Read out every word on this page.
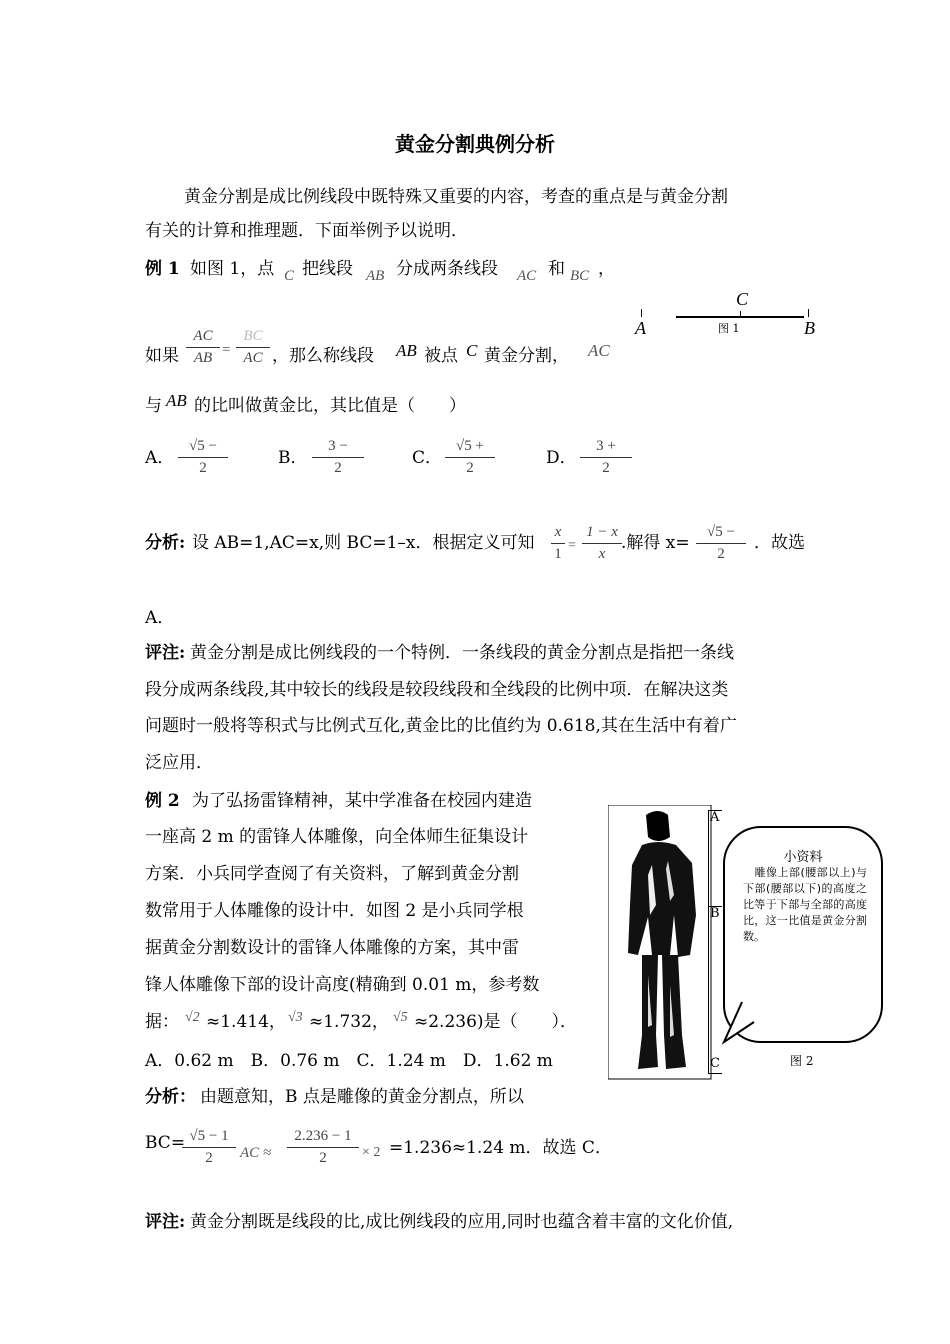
黄金分割典例分析
黄金分割是成比例线段中既特殊又重要的内容，考查的重点是与黄金分割
有关的计算和推理题．下面举例予以说明．
例 1 如图 1，点 C 把线段 AB 分成两条线段 AC 和 BC ，
如果
AC
AB =
BC
AC ，那么称线段 AB 被点 C 黄金分割， AC
与 AB 的比叫做黄金比，其比值是（　　）
A
C
B
图 1
A．
√5 −
2	B．
3 −
2	C．
√5 +
2	D．
3 +
2
分析: 设 AB=1,AC=x,则 BC=1–x．根据定义可知
x
1
=
1 − x
x
.解得 x=
√5 −
2
．故选
A．
评注: 黄金分割是成比例线段的一个特例．一条线段的黄金分割点是指把一条线
段分成两条线段,其中较长的线段是较段线段和全线段的比例中项．在解决这类
问题时一般将等积式与比例式互化,黄金比的比值约为 0.618,其在生活中有着广
泛应用．
例 2 为了弘扬雷锋精神，某中学准备在校园内建造
一座高 2 m 的雷锋人体雕像，向全体师生征集设计
方案．小兵同学查阅了有关资料，了解到黄金分割
数常用于人体雕像的设计中．如图 2 是小兵同学根
据黄金分割数设计的雷锋人体雕像的方案，其中雷
锋人体雕像下部的设计高度(精确到 0.01 m，参考数
据： √2 ≈1.414， √3 ≈1.732， √5 ≈2.236)是（　　）．
A．0.62 m　B．0.76 m　C．1.24 m　D．1.62 m
A
B
C
小资料
　雕像上部(腰部以上)与下部(腰部以下)的高度之比等于下部与全部的高度比，这一比值是黄金分割数。
图 2
分析： 由题意知，B 点是雕像的黄金分割点，所以
BC= √5 − 1
2	AC ≈
2.236 − 1
2	× 2 =1.236≈1.24 m．故选 C．
评注: 黄金分割既是线段的比,成比例线段的应用,同时也蕴含着丰富的文化价值,
